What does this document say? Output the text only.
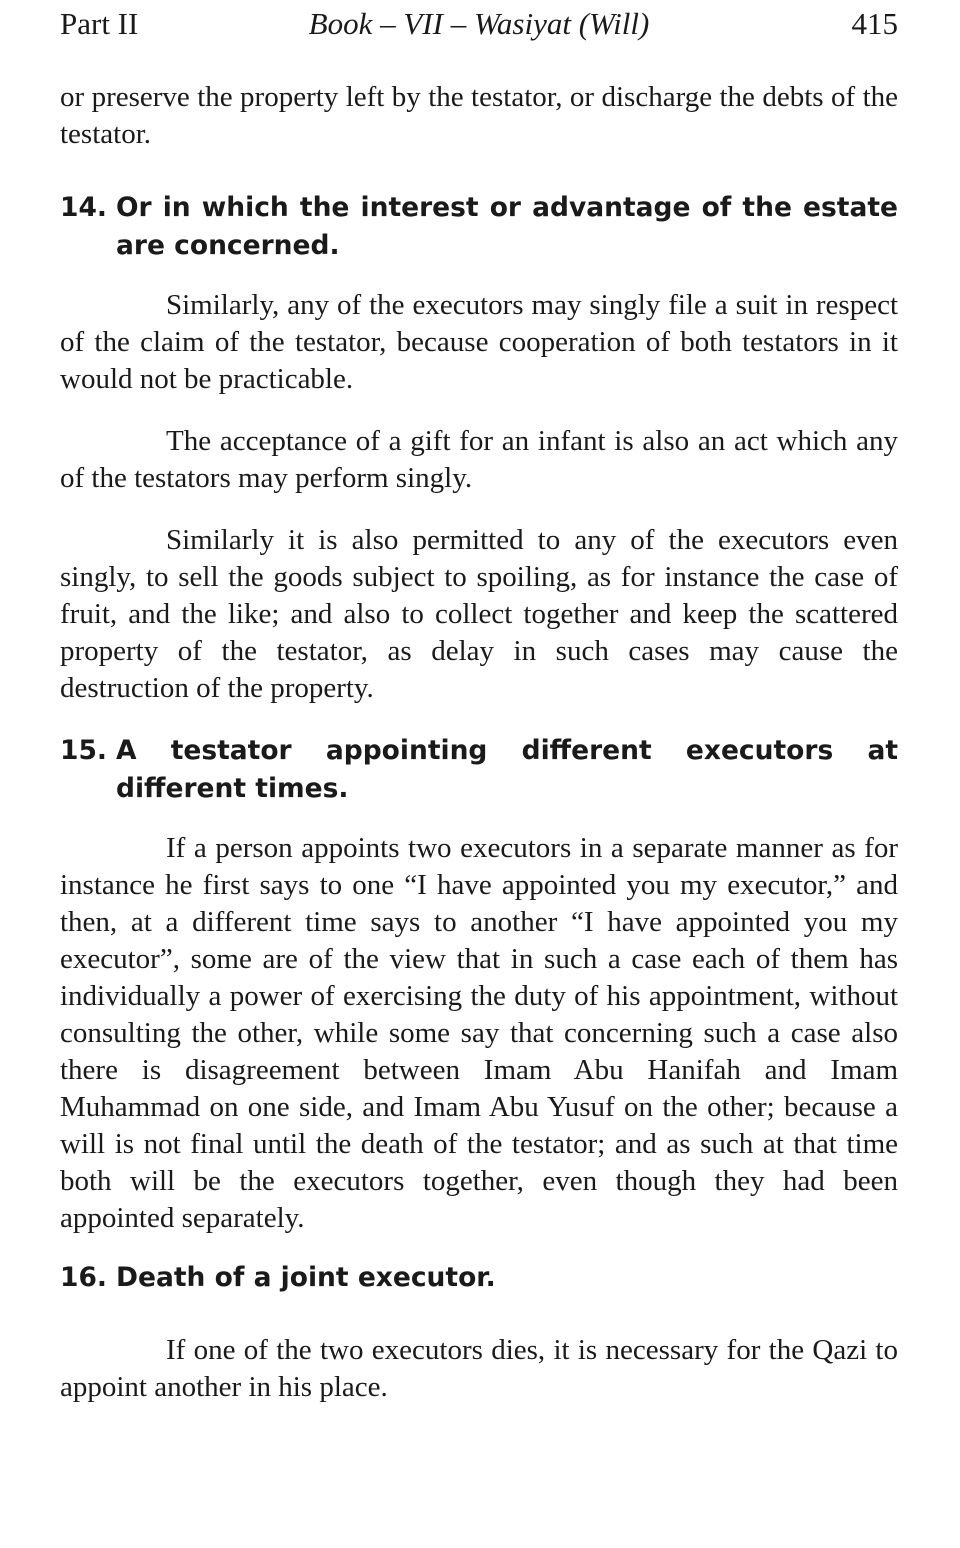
Part II	Book – VII – Wasiyat (Will)	415

or preserve the property left by the testator, or discharge the debts of the testator.

14. Or in which the interest or advantage of the estate are concerned.

Similarly, any of the executors may singly file a suit in respect of the claim of the testator, because cooperation of both testators in it would not be practicable.

The acceptance of a gift for an infant is also an act which any of the testators may perform singly.

Similarly it is also permitted to any of the executors even singly, to sell the goods subject to spoiling, as for instance the case of fruit, and the like; and also to collect together and keep the scattered property of the testator, as delay in such cases may cause the destruction of the property.

15. A testator appointing different executors at different times.

If a person appoints two executors in a separate manner as for instance he first says to one “I have appointed you my executor,” and then, at a different time says to another “I have appointed you my executor”, some are of the view that in such a case each of them has individually a power of exercising the duty of his appointment, without consulting the other, while some say that concerning such a case also there is disagreement between Imam Abu Hanifah and Imam Muhammad on one side, and Imam Abu Yusuf on the other; because a will is not final until the death of the testator; and as such at that time both will be the executors together, even though they had been appointed separately.

16. Death of a joint executor.

If one of the two executors dies, it is necessary for the Qazi to appoint another in his place.
